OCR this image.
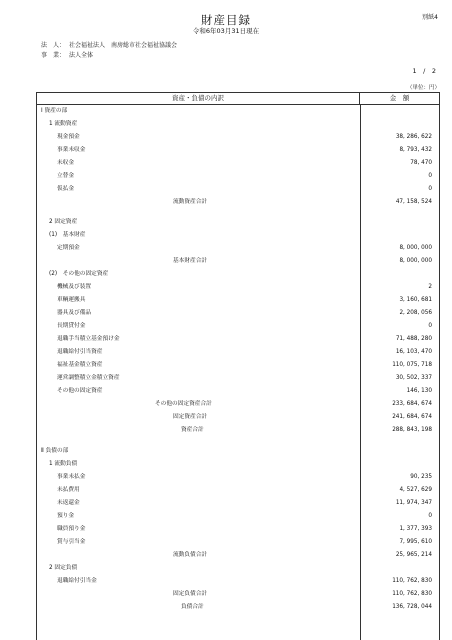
財産目録	別紙4
令和6年03月31日現在
法　人： 社会福祉法人　南房総市社会福祉協議会
事　業： 法人全体
1　/　2
（単位：円）
資産・負債の内訳	金　額
Ⅰ 資産の部
1 流動資産
現金預金	38, 286, 622
事業未収金	8, 793, 432
未収金	78, 470
立替金	0
仮払金	0
流動資産合計	47, 158, 524
2 固定資産
(1)　基本財産
定期預金	8, 000, 000
基本財産合計	8, 000, 000
(2)　その他の固定資産
機械及び装置	2
車輌運搬具	3, 160, 681
器具及び備品	2, 208, 056
長期貸付金	0
退職手当積立基金預け金	71, 488, 280
退職給付引当資産	16, 103, 470
福祉基金積立資産	110, 075, 718
運営調整積立金積立資産	30, 502, 337
その他の固定資産	146, 130
その他の固定資産合計	233, 684, 674
固定資産合計	241, 684, 674
資産合計	288, 843, 198
Ⅱ 負債の部
1 流動負債
事業未払金	90, 235
未払費用	4, 527, 629
未返還金	11, 974, 347
預り金	0
職員預り金	1, 377, 393
賞与引当金	7, 995, 610
流動負債合計	25, 965, 214
2 固定負債
退職給付引当金	110, 762, 830
固定負債合計	110, 762, 830
負債合計	136, 728, 044
